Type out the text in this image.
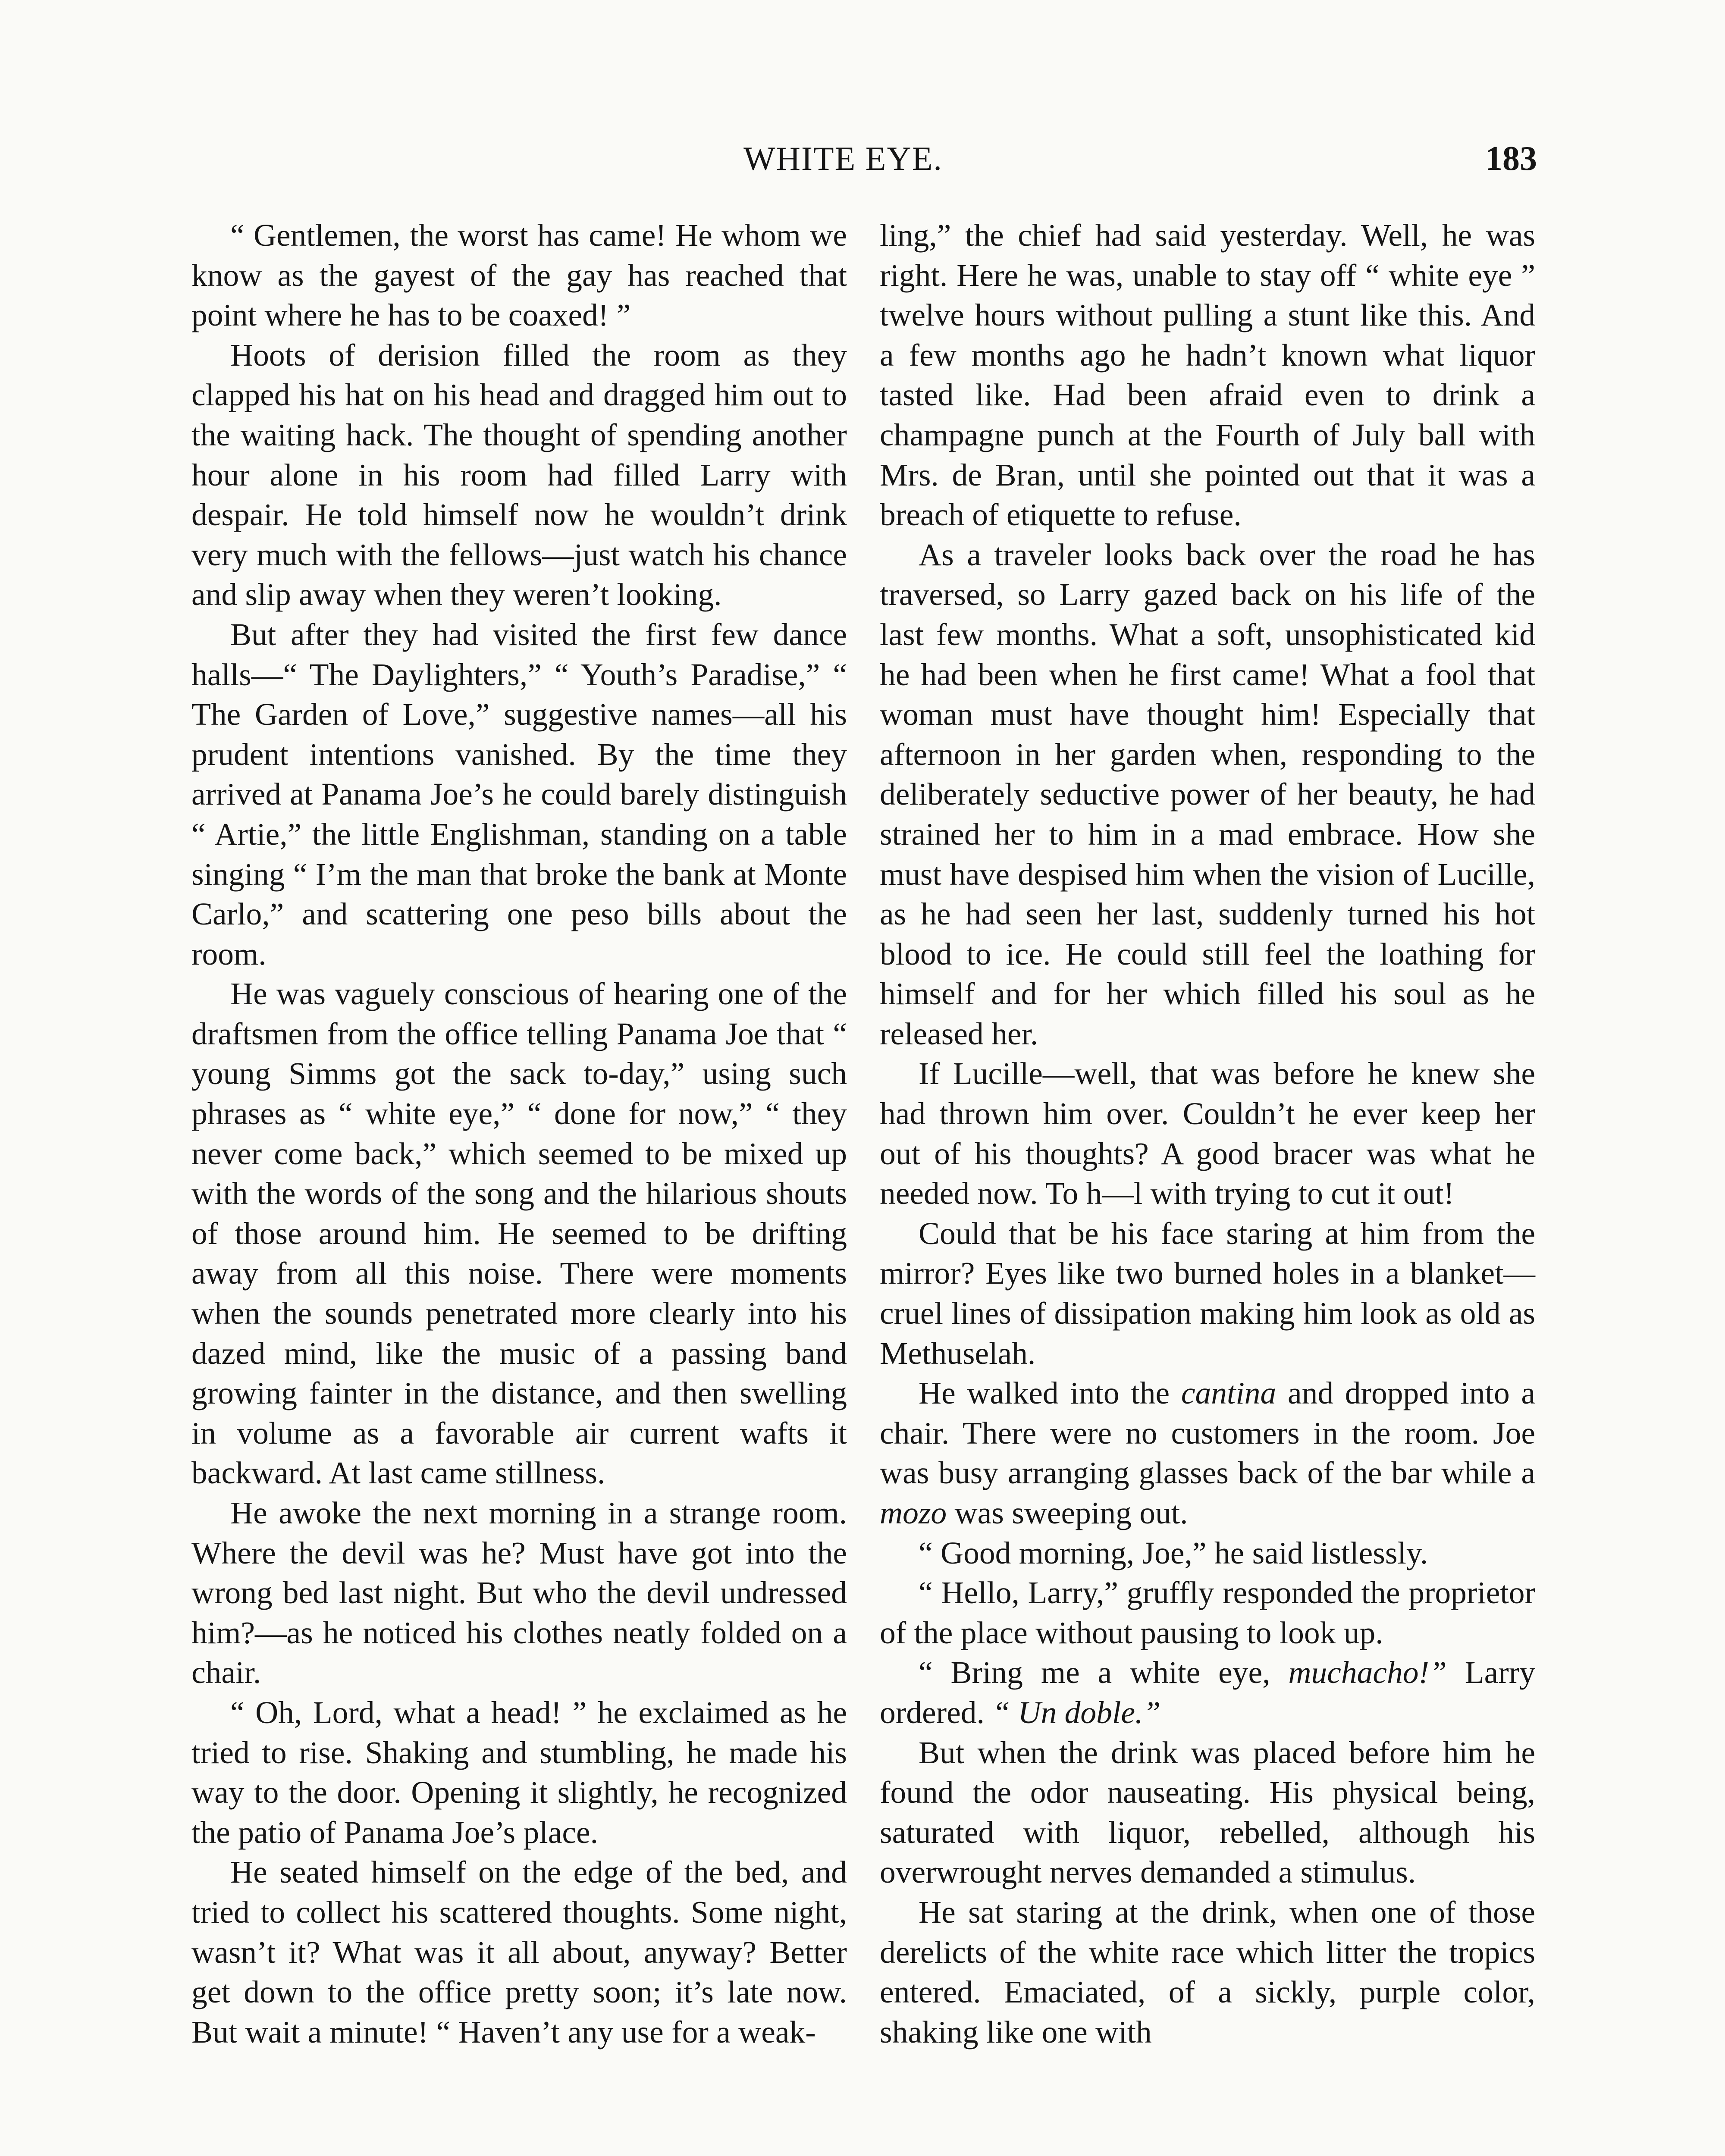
WHITE EYE.	183

“ Gentlemen, the worst has came! He whom we know as the gayest of the gay has reached that point where he has to be coaxed! ”

Hoots of derision filled the room as they clapped his hat on his head and dragged him out to the waiting hack. The thought of spending another hour alone in his room had filled Larry with despair. He told himself now he wouldn’t drink very much with the fellows—just watch his chance and slip away when they weren’t looking.

But after they had visited the first few dance halls—“ The Daylighters,” “ Youth’s Paradise,” “ The Garden of Love,” suggestive names—all his prudent intentions vanished. By the time they arrived at Panama Joe’s he could barely distinguish “ Artie,” the little Englishman, standing on a table singing “ I’m the man that broke the bank at Monte Carlo,” and scattering one peso bills about the room.

He was vaguely conscious of hearing one of the draftsmen from the office telling Panama Joe that “ young Simms got the sack to-day,” using such phrases as “ white eye,” “ done for now,” “ they never come back,” which seemed to be mixed up with the words of the song and the hilarious shouts of those around him. He seemed to be drifting away from all this noise. There were moments when the sounds penetrated more clearly into his dazed mind, like the music of a passing band growing fainter in the distance, and then swelling in volume as a favorable air current wafts it backward. At last came stillness.

He awoke the next morning in a strange room. Where the devil was he? Must have got into the wrong bed last night. But who the devil undressed him?—as he noticed his clothes neatly folded on a chair.

“ Oh, Lord, what a head! ” he exclaimed as he tried to rise. Shaking and stumbling, he made his way to the door. Opening it slightly, he recognized the patio of Panama Joe’s place.

He seated himself on the edge of the bed, and tried to collect his scattered thoughts. Some night, wasn’t it? What was it all about, anyway? Better get down to the office pretty soon; it’s late now. But wait a minute! “ Haven’t any use for a weak-

ling,” the chief had said yesterday. Well, he was right. Here he was, unable to stay off “ white eye ” twelve hours without pulling a stunt like this. And a few months ago he hadn’t known what liquor tasted like. Had been afraid even to drink a champagne punch at the Fourth of July ball with Mrs. de Bran, until she pointed out that it was a breach of etiquette to refuse.

As a traveler looks back over the road he has traversed, so Larry gazed back on his life of the last few months. What a soft, unsophisticated kid he had been when he first came! What a fool that woman must have thought him! Especially that afternoon in her garden when, responding to the deliberately seductive power of her beauty, he had strained her to him in a mad embrace. How she must have despised him when the vision of Lucille, as he had seen her last, suddenly turned his hot blood to ice. He could still feel the loathing for himself and for her which filled his soul as he released her.

If Lucille—well, that was before he knew she had thrown him over. Couldn’t he ever keep her out of his thoughts? A good bracer was what he needed now. To h—l with trying to cut it out!

Could that be his face staring at him from the mirror? Eyes like two burned holes in a blanket—cruel lines of dissipation making him look as old as Methuselah.

He walked into the cantina and dropped into a chair. There were no customers in the room. Joe was busy arranging glasses back of the bar while a mozo was sweeping out.

“ Good morning, Joe,” he said listlessly.

“ Hello, Larry,” gruffly responded the proprietor of the place without pausing to look up.

“ Bring me a white eye, muchacho!” Larry ordered. “ Un doble.”

But when the drink was placed before him he found the odor nauseating. His physical being, saturated with liquor, rebelled, although his overwrought nerves demanded a stimulus.

He sat staring at the drink, when one of those derelicts of the white race which litter the tropics entered. Emaciated, of a sickly, purple color, shaking like one with
